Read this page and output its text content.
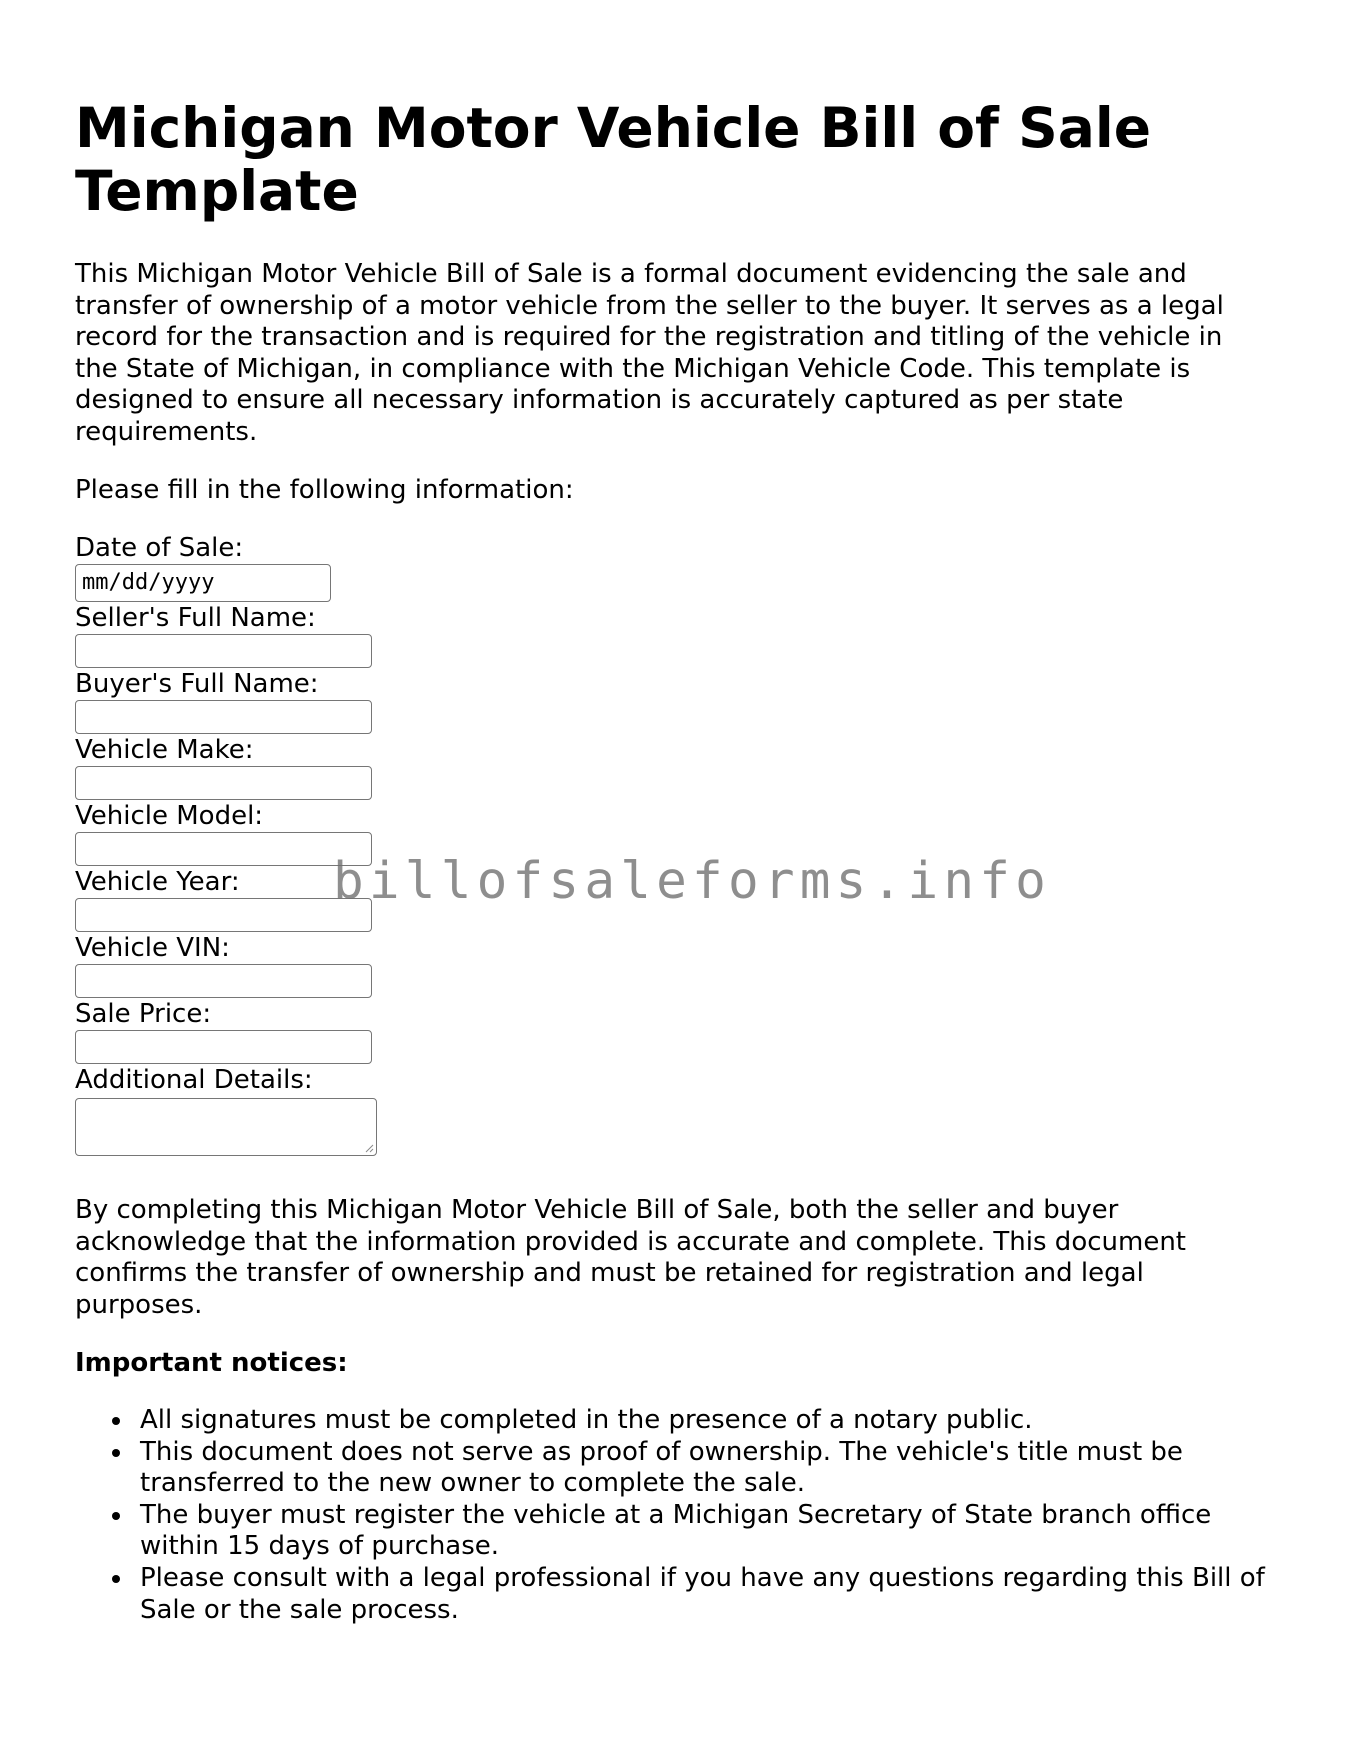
Michigan Motor Vehicle Bill of Sale Template

This Michigan Motor Vehicle Bill of Sale is a formal document evidencing the sale and transfer of ownership of a motor vehicle from the seller to the buyer. It serves as a legal record for the transaction and is required for the registration and titling of the vehicle in the State of Michigan, in compliance with the Michigan Vehicle Code. This template is designed to ensure all necessary information is accurately captured as per state requirements.

Please fill in the following information:

Date of Sale:
mm/dd/yyyy
Seller's Full Name:
Buyer's Full Name:
Vehicle Make:
Vehicle Model:
Vehicle Year:
Vehicle VIN:
Sale Price:
Additional Details:

By completing this Michigan Motor Vehicle Bill of Sale, both the seller and buyer acknowledge that the information provided is accurate and complete. This document confirms the transfer of ownership and must be retained for registration and legal purposes.

Important notices:

All signatures must be completed in the presence of a notary public.
This document does not serve as proof of ownership. The vehicle's title must be transferred to the new owner to complete the sale.
The buyer must register the vehicle at a Michigan Secretary of State branch office within 15 days of purchase.
Please consult with a legal professional if you have any questions regarding this Bill of Sale or the sale process.
billofsaleforms.info
